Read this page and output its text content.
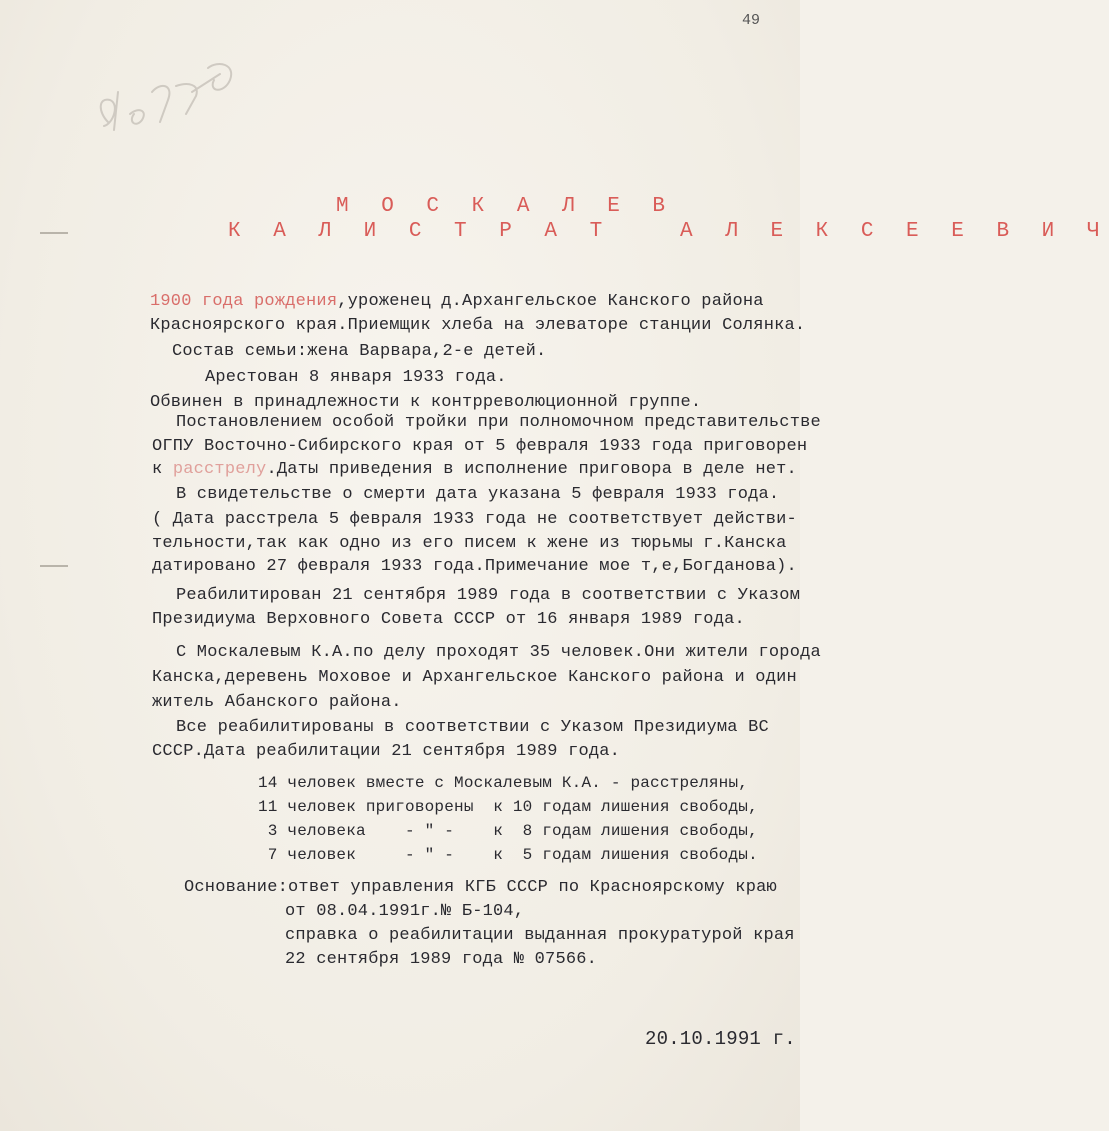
49
М О С К А Л Е В
К А Л И С Т Р А Т   А Л Е К С Е Е В И Ч
1900 года рождения,уроженец д.Архангельское Канского района
Красноярского края.Приемщик хлеба на элеваторе станции Солянка.
Состав семьи:жена Варвара,2-е детей.
Арестован 8 января 1933 года.
Обвинен в принадлежности к контрреволюционной группе.
Постановлением особой тройки при полномочном представительстве
ОГПУ Восточно-Сибирского края от 5 февраля 1933 года приговорен
к расстрелу.Даты приведения в исполнение приговора в деле нет.
В свидетельстве о смерти дата указана 5 февраля 1933 года.
( Дата расстрела 5 февраля 1933 года не соответствует действи-
тельности,так как одно из его писем к жене из тюрьмы г.Канска
датировано 27 февраля 1933 года.Примечание мое т,е,Богданова).
Реабилитирован 21 сентября 1989 года в соответствии с Указом
Президиума Верховного Совета СССР от 16 января 1989 года.
С Москалевым К.А.по делу проходят 35 человек.Они жители города
Канска,деревень Моховое и Архангельское Канского района и один
житель Абанского района.
Все реабилитированы в соответствии с Указом Президиума ВС
СССР.Дата реабилитации 21 сентября 1989 года.
14 человек вместе с Москалевым К.А. - расстреляны,
11 человек приговорены  к 10 годам лишения свободы,
3 человека    - " -    к  8 годам лишения свободы,
7 человек     - " -    к  5 годам лишения свободы.
Основание:ответ управления КГБ СССР по Красноярскому краю
от 08.04.1991г.№ Б-104,
справка о реабилитации выданная прокуратурой края
22 сентября 1989 года № 07566.
20.10.1991 г.
